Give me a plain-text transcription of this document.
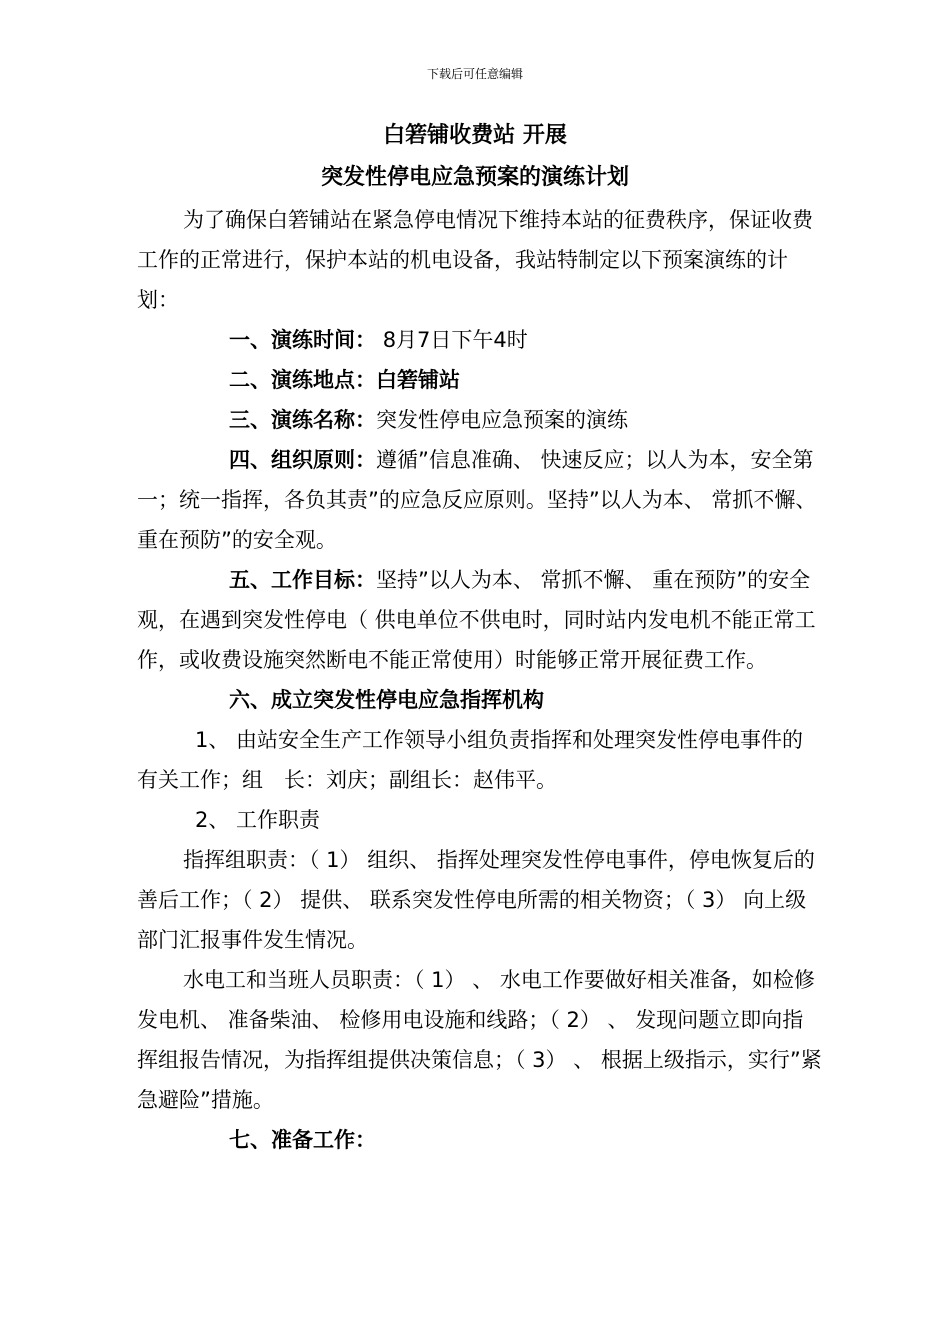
下载后可任意编辑
白箬铺收费站 开展
突发性停电应急预案的演练计划

为了确保白箬铺站在紧急停电情况下维持本站的征费秩序，保证收费工作的正常进行，保护本站的机电设备，我站特制定以下预案演练的计划：

一、演练时间： 8月7日下午4时

二、演练地点：白箬铺站

三、演练名称：突发性停电应急预案的演练

四、组织原则：遵循”信息准确、 快速反应；以人为本，安全第一；统一指挥，各负其责”的应急反应原则。坚持”以人为本、 常抓不懈、 重在预防”的安全观。

五、工作目标：坚持”以人为本、 常抓不懈、 重在预防”的安全观，在遇到突发性停电（ 供电单位不供电时，同时站内发电机不能正常工作，或收费设施突然断电不能正常使用）时能够正常开展征费工作。

六、成立突发性停电应急指挥机构

1、 由站安全生产工作领导小组负责指挥和处理突发性停电事件的有关工作；组　长：刘庆；副组长：赵伟平。

2、 工作职责

指挥组职责：（ 1） 组织、 指挥处理突发性停电事件，停电恢复后的善后工作；（ 2） 提供、 联系突发性停电所需的相关物资；（ 3） 向上级部门汇报事件发生情况。

水电工和当班人员职责：（ 1） 、 水电工作要做好相关准备，如检修发电机、 准备柴油、 检修用电设施和线路；（ 2） 、 发现问题立即向指挥组报告情况，为指挥组提供决策信息；（ 3） 、 根据上级指示，实行”紧急避险”措施。

七、准备工作：
